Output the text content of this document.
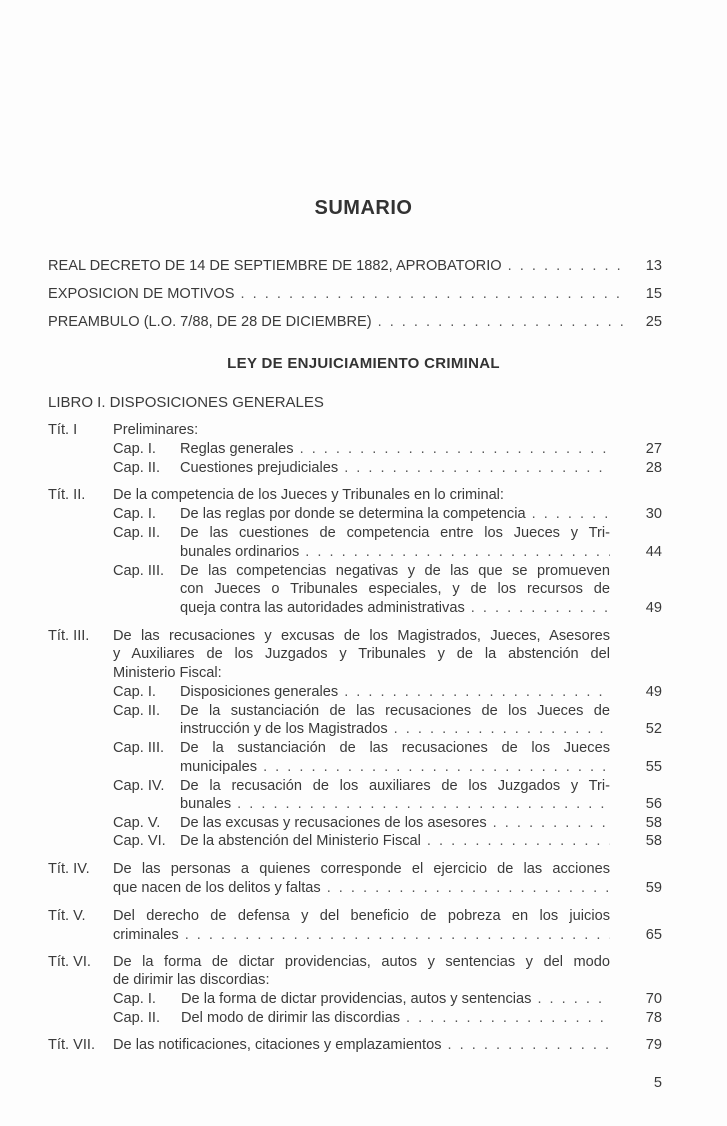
SUMARIO
REAL DECRETO DE 14 DE SEPTIEMBRE DE 1882, APROBATORIO . . .	13
EXPOSICION DE MOTIVOS . . .	15
PREAMBULO (L.O. 7/88, DE 28 DE DICIEMBRE) . . .	25
LEY DE ENJUICIAMIENTO CRIMINAL
LIBRO I. DISPOSICIONES GENERALES
Tít. I Preliminares:
Cap. I. Reglas generales . . .	27
Cap. II. Cuestiones prejudiciales . . .	28
Tít. II. De la competencia de los Jueces y Tribunales en lo criminal:
Cap. I. De las reglas por donde se determina la competencia . . .	30
Cap. II. De las cuestiones de competencia entre los Jueces y Tri-
bunales ordinarios . . .	44
Cap. III. De las competencias negativas y de las que se promueven
con Jueces o Tribunales especiales, y de los recursos de
queja contra las autoridades administrativas . . .	49
Tít. III. De las recusaciones y excusas de los Magistrados, Jueces, Asesores
y Auxiliares de los Juzgados y Tribunales y de la abstención del
Ministerio Fiscal:
Cap. I. Disposiciones generales . . .	49
Cap. II. De la sustanciación de las recusaciones de los Jueces de
instrucción y de los Magistrados . . .	52
Cap. III. De la sustanciación de las recusaciones de los Jueces
municipales . . .	55
Cap. IV. De la recusación de los auxiliares de los Juzgados y Tri-
bunales . . .	56
Cap. V. De las excusas y recusaciones de los asesores . . .	58
Cap. VI. De la abstención del Ministerio Fiscal . . .	58
Tít. IV. De las personas a quienes corresponde el ejercicio de las acciones
que nacen de los delitos y faltas . . .	59
Tít. V. Del derecho de defensa y del beneficio de pobreza en los juicios
criminales . . .	65
Tít. VI. De la forma de dictar providencias, autos y sentencias y del modo
de dirimir las discordias:
Cap. I. De la forma de dictar providencias, autos y sentencias . . .	70
Cap. II. Del modo de dirimir las discordias . . .	78
Tít. VII. De las notificaciones, citaciones y emplazamientos . . .	79
5
